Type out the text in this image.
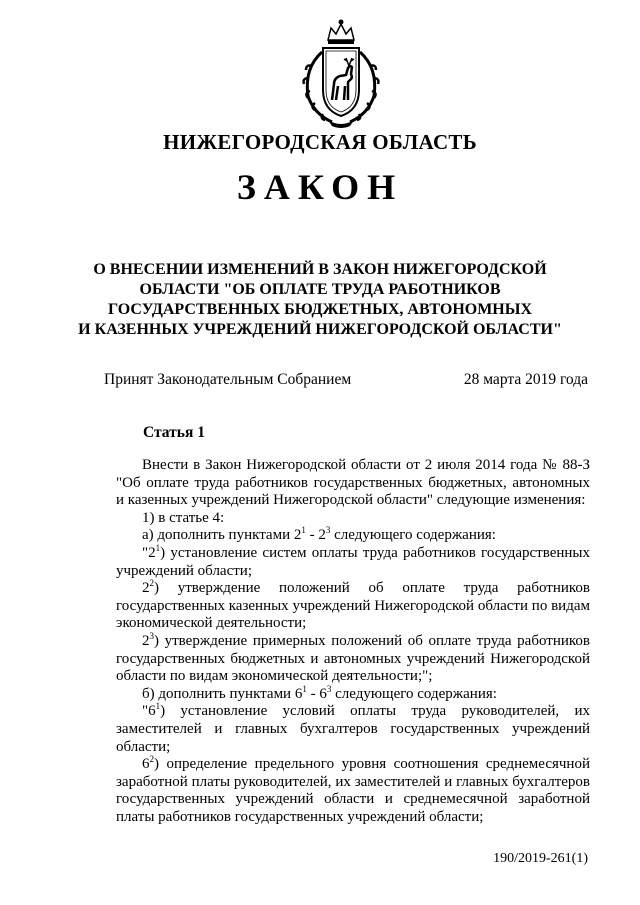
НИЖЕГОРОДСКАЯ ОБЛАСТЬ
ЗАКОН
О ВНЕСЕНИИ ИЗМЕНЕНИЙ В ЗАКОН НИЖЕГОРОДСКОЙ
ОБЛАСТИ "ОБ ОПЛАТЕ ТРУДА РАБОТНИКОВ
ГОСУДАРСТВЕННЫХ БЮДЖЕТНЫХ, АВТОНОМНЫХ
И КАЗЕННЫХ УЧРЕЖДЕНИЙ НИЖЕГОРОДСКОЙ ОБЛАСТИ"
Принят Законодательным Собранием	28 марта 2019 года
Статья 1

Внести в Закон Нижегородской области от 2 июля 2014 года № 88-З "Об оплате труда работников государственных бюджетных, автономных и казенных учреждений Нижегородской области" следующие изменения:

1) в статье 4:

а) дополнить пунктами $2^1 - 2^3$ следующего содержания:

"$2^1$) установление систем оплаты труда работников государственных учреждений области;

$2^2$) утверждение положений об оплате труда работников государственных казенных учреждений Нижегородской области по видам экономической деятельности;

$2^3$) утверждение примерных положений об оплате труда работников государственных бюджетных и автономных учреждений Нижегородской области по видам экономической деятельности;";

б) дополнить пунктами $6^1 - 6^3$ следующего содержания:

"$6^1$) установление условий оплаты труда руководителей, их заместителей и главных бухгалтеров государственных учреждений области;

$6^2$) определение предельного уровня соотношения среднемесячной заработной платы руководителей, их заместителей и главных бухгалтеров государственных учреждений области и среднемесячной заработной платы работников государственных учреждений области;

190/2019-261(1)
